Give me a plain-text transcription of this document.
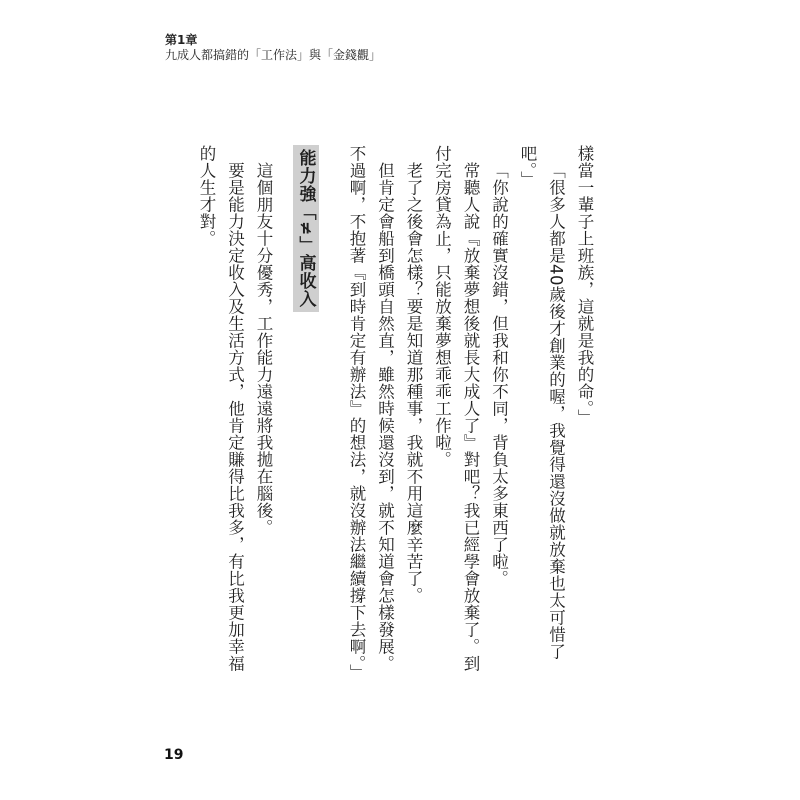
第1章
九成人都搞錯的「工作法」與「金錢觀」

樣當一輩子上班族，這就是我的命。」

「很多人都是40歲後才創業的喔，我覺得還沒做就放棄也太可惜了吧。」

「你說的確實沒錯，但我和你不同，背負太多東西了啦。

常聽人說『放棄夢想後就長大成人了』對吧？我已經學會放棄了。到付完房貸為止，只能放棄夢想乖乖工作啦。

老了之後會怎樣？要是知道那種事，我就不用這麼辛苦了。

但肯定會船到橋頭自然直，雖然時候還沒到，就不知道會怎樣發展。不過啊，不抱著『到時肯定有辦法』的想法，就沒辦法繼續撐下去啊。」

能力強「≠」高收入

這個朋友十分優秀，工作能力遠遠將我拋在腦後。

要是能力決定收入及生活方式，他肯定賺得比我多，有比我更加幸福的人生才對。

19
